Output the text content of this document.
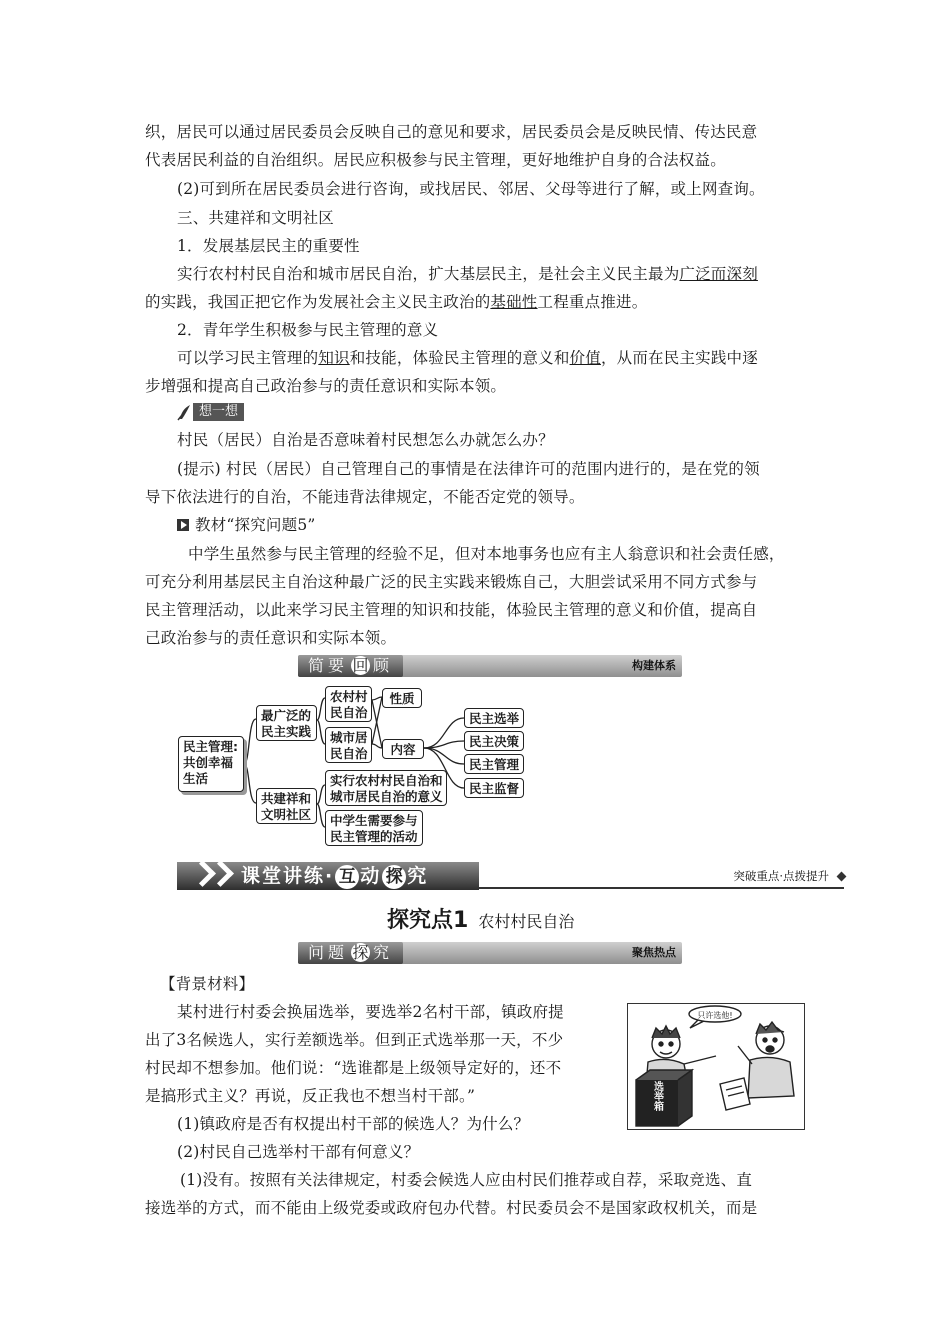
织，居民可以通过居民委员会反映自己的意见和要求，居民委员会是反映民情、传达民意
代表居民利益的自治组织。居民应积极参与民主管理，更好地维护自身的合法权益。
(2)可到所在居民委员会进行咨询，或找居民、邻居、父母等进行了解，或上网查询。
三、共建祥和文明社区
1．发展基层民主的重要性
实行农村村民自治和城市居民自治，扩大基层民主，是社会主义民主最为广泛而深刻
的实践，我国正把它作为发展社会主义民主政治的基础性工程重点推进。
2．青年学生积极参与民主管理的意义
可以学习民主管理的知识和技能，体验民主管理的意义和价值，从而在民主实践中逐
步增强和提高自己政治参与的责任意识和实际本领。
想一想
村民（居民）自治是否意味着村民想怎么办就怎么办？
(提示) 村民（居民）自己管理自己的事情是在法律许可的范围内进行的，是在党的领
导下依法进行的自治，不能违背法律规定，不能否定党的领导。
教材“探究问题5”
中学生虽然参与民主管理的经验不足，但对本地事务也应有主人翁意识和社会责任感，
可充分利用基层民主自治这种最广泛的民主实践来锻炼自己，大胆尝试采用不同方式参与
民主管理活动，以此来学习民主管理的知识和技能，体验民主管理的意义和价值，提高自
己政治参与的责任意识和实际本领。
简要 回 顾	构建体系
民主管理:
共创幸福
生活
最广泛的
民主实践
共建祥和
文明社区
农村村
民自治
城市居
民自治
实行农村村民自治和
城市居民自治的意义
中学生需要参与
民主管理的活动
性质
内容
民主选举
民主决策
民主管理
民主监督
课堂讲练· 互 动 探 究	突破重点·点拨提升
探究点1 农村村民自治
问题 探 究	聚焦热点
【背景材料】
某村进行村委会换届选举，要选举2名村干部，镇政府提
出了3名候选人，实行差额选举。但到正式选举那一天，不少
村民却不想参加。他们说：“选谁都是上级领导定好的，还不
是搞形式主义？再说，反正我也不想当村干部。”
(1)镇政府是否有权提出村干部的候选人？为什么？
(2)村民自己选举村干部有何意义？
(1)没有。按照有关法律规定，村委会候选人应由村民们推荐或自荐，采取竞选、直
接选举的方式，而不能由上级党委或政府包办代替。村民委员会不是国家政权机关，而是
只许选他!
选举箱
